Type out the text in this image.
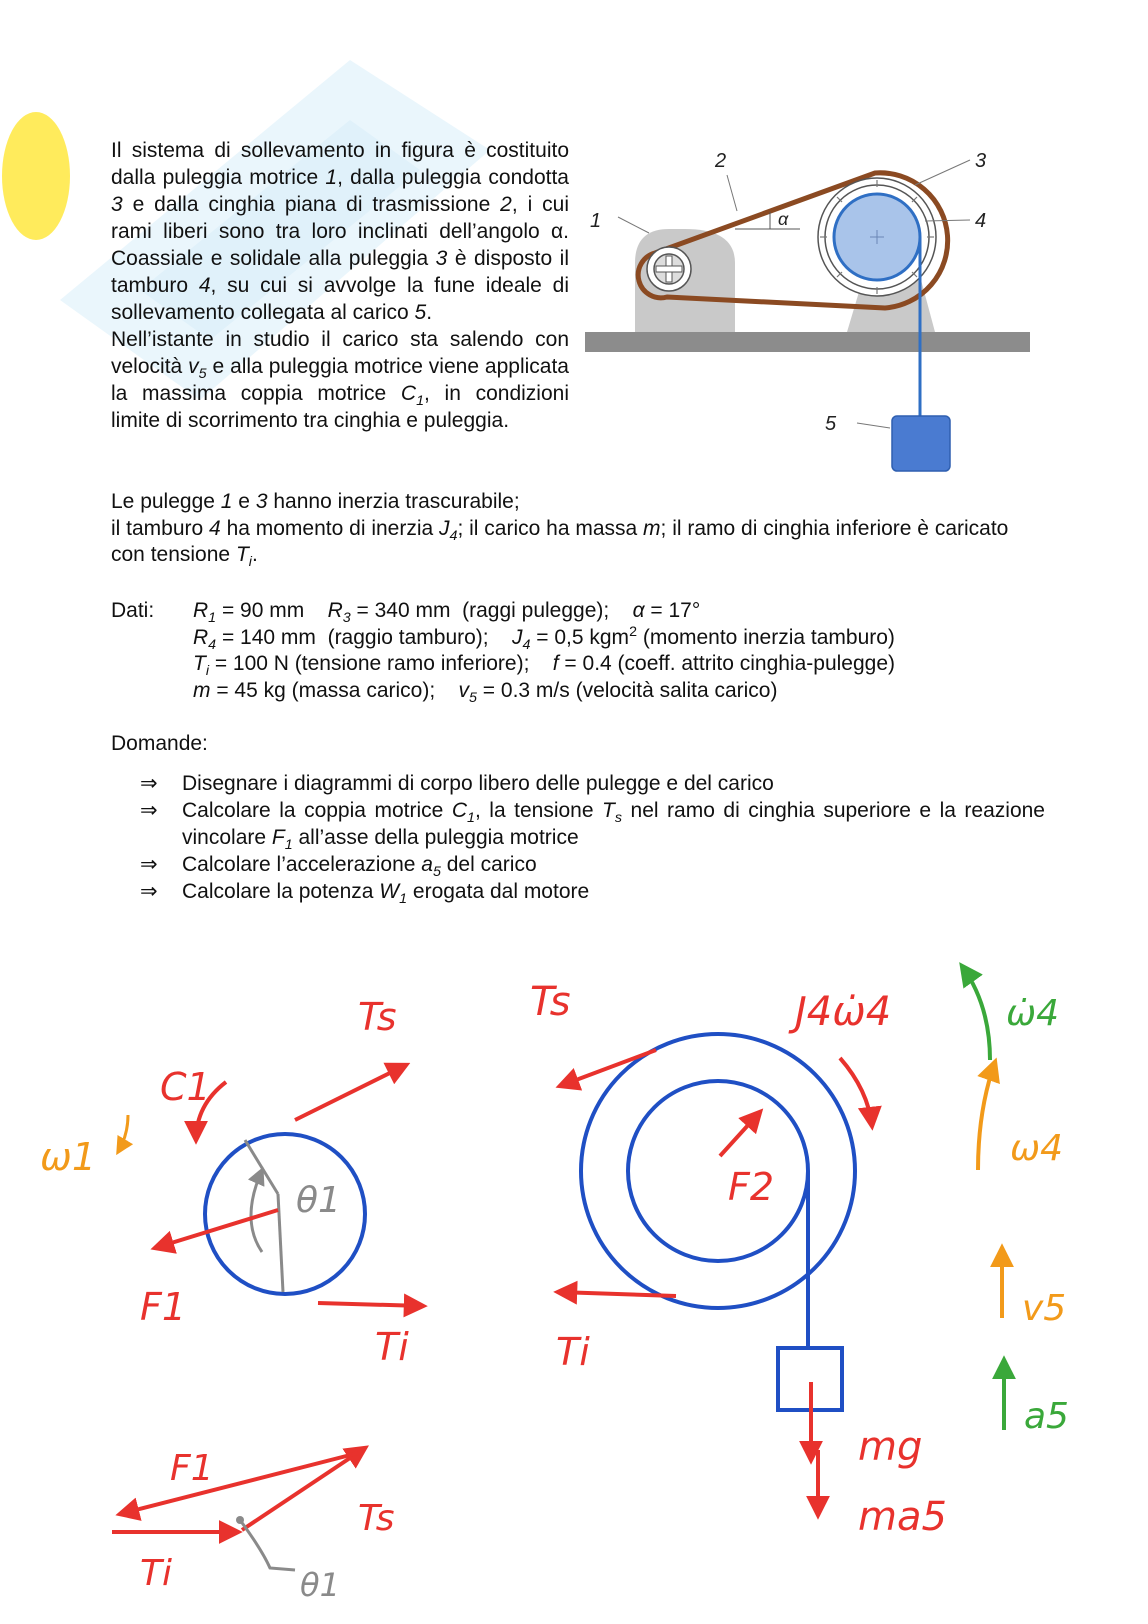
Il sistema di sollevamento in figura è costituito dalla puleggia motrice 1, dalla puleggia condotta 3 e dalla cinghia piana di trasmissione 2, i cui rami liberi sono tra loro inclinati dell’angolo α. Coassiale e solidale alla puleggia 3 è disposto il tamburo 4, su cui si avvolge la fune ideale di sollevamento collegata al carico 5.
Nell’istante in studio il carico sta salendo con velocità $v_5$ e alla puleggia motrice viene applicata la massima coppia motrice $C_1$, in condizioni limite di scorrimento tra cinghia e puleggia.
Le pulegge 1 e 3 hanno inerzia trascurabile;
il tamburo 4 ha momento di inerzia $J_4$; il carico ha massa m; il ramo di cinghia inferiore è caricato con tensione $T_i$.
Dati: $R_1 = 90$ mm    $R_3 = 340$ mm  (raggi pulegge);    α = 17°
$R_4 = 140$ mm  (raggio tamburo);    $J_4 = 0,5$ kgm$^2$ (momento inerzia tamburo)
$T_i = 100$ N (tensione ramo inferiore);    f = 0.4 (coeff. attrito cinghia-pulegge)
m = 45 kg (massa carico);    $v_5 = 0.3$ m/s (velocità salita carico)
Domande:
⇒ Disegnare i diagrammi di corpo libero delle pulegge e del carico
⇒ Calcolare la coppia motrice $C_1$, la tensione $T_s$ nel ramo di cinghia superiore e la reazione vincolare $F_1$ all’asse della puleggia motrice
⇒ Calcolare l’accelerazione $a_5$ del carico
⇒ Calcolare la potenza $W_1$ erogata dal motore
1
2	3
4
5
α
Ts
C1
ω1
F1
θ1
Ti
F1
Ti
Ts
θ1
Ts	J4ω̇4
F2
Ti
mg
ma5
ω̇4
ω4
v5
a5
